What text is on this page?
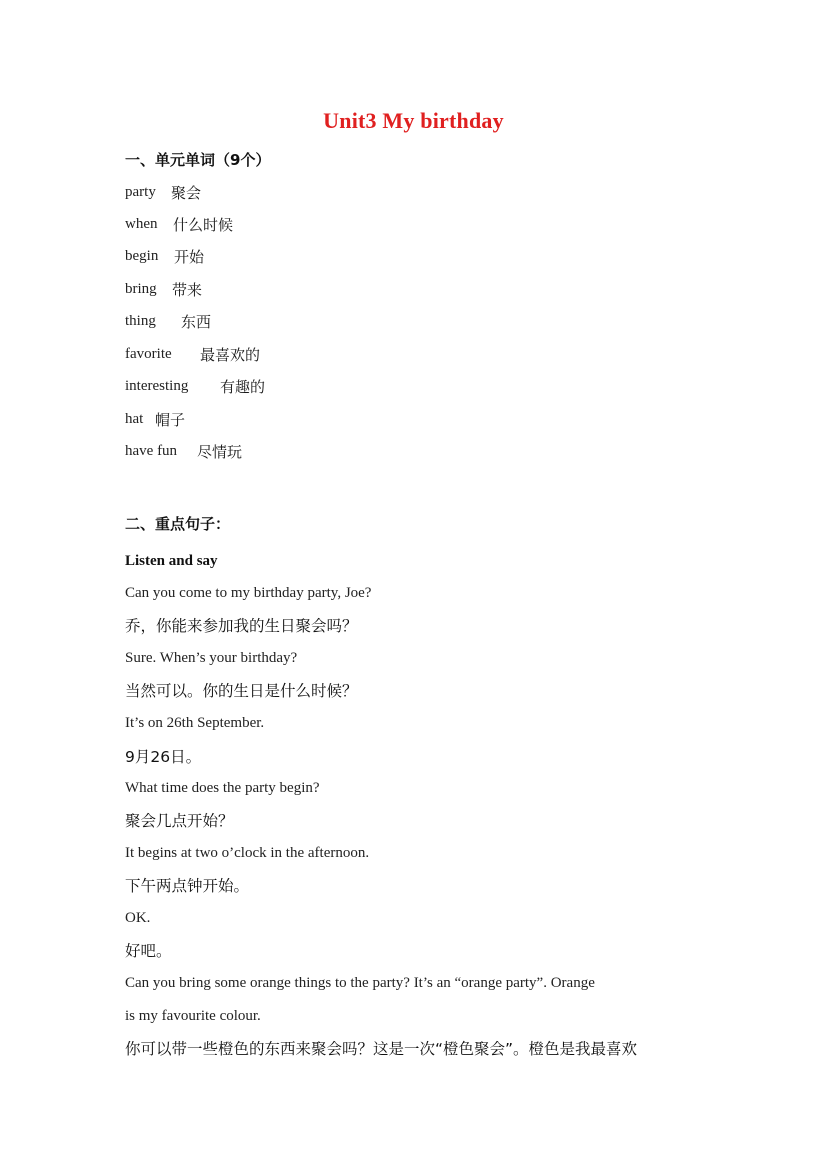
Unit3 My birthday
一、单元单词（9个）
party 聚会
when 什么时候
begin 开始
bring 带来
thing 东西
favorite 最喜欢的
interesting 有趣的
hat 帽子
have fun 尽情玩
二、重点句子：
Listen and say
Can you come to my birthday party, Joe?
乔，你能来参加我的生日聚会吗？
Sure. When’s your birthday?
当然可以。你的生日是什么时候？
It’s on 26th September.
9月26日。
What time does the party begin?
聚会几点开始？
It begins at two o’clock in the afternoon.
下午两点钟开始。
OK.
好吧。
Can you bring some orange things to the party? It’s an “orange party”. Orange
is my favourite colour.
你可以带一些橙色的东西来聚会吗？这是一次“橙色聚会”。橙色是我最喜欢
